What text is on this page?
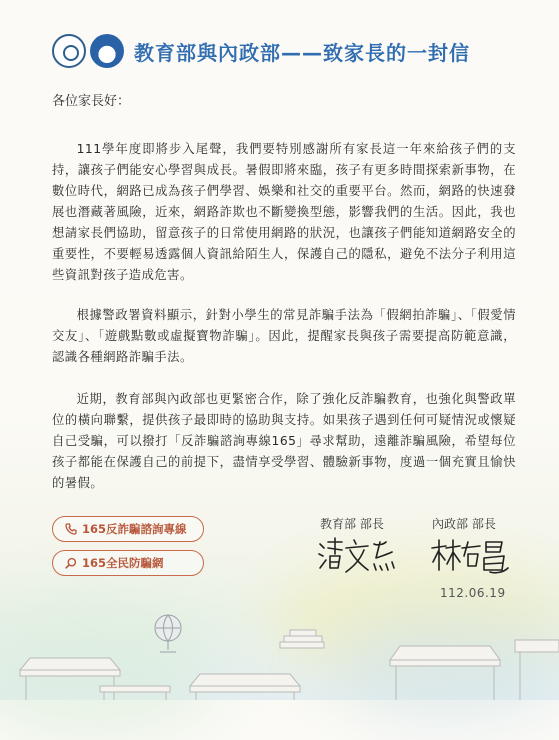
教育部與內政部——致家長的一封信
各位家長好：

111學年度即將步入尾聲，我們要特別感謝所有家長這一年來給孩子們的支持，讓孩子們能安心學習與成長。暑假即將來臨，孩子有更多時間探索新事物，在數位時代，網路已成為孩子們學習、娛樂和社交的重要平台。然而，網路的快速發展也潛藏著風險，近來，網路詐欺也不斷變換型態，影響我們的生活。因此，我也想請家長們協助，留意孩子的日常使用網路的狀況，也讓孩子們能知道網路安全的重要性，不要輕易透露個人資訊給陌生人，保護自己的隱私，避免不法分子利用這些資訊對孩子造成危害。

根據警政署資料顯示，針對小學生的常見詐騙手法為「假網拍詐騙」、「假愛情交友」、「遊戲點數或虛擬寶物詐騙」。因此，提醒家長與孩子需要提高防範意識，認識各種網路詐騙手法。

近期，教育部與內政部也更緊密合作，除了強化反詐騙教育，也強化與警政單位的橫向聯繫，提供孩子最即時的協助與支持。如果孩子遇到任何可疑情況或懷疑自己受騙，可以撥打「反詐騙諮詢專線165」尋求幫助，遠離詐騙風險，希望每位孩子都能在保護自己的前提下，盡情享受學習、體驗新事物，度過一個充實且愉快的暑假。

165反詐騙諮詢專線
165全民防騙網
教育部 部長	內政部 部長
112.06.19
